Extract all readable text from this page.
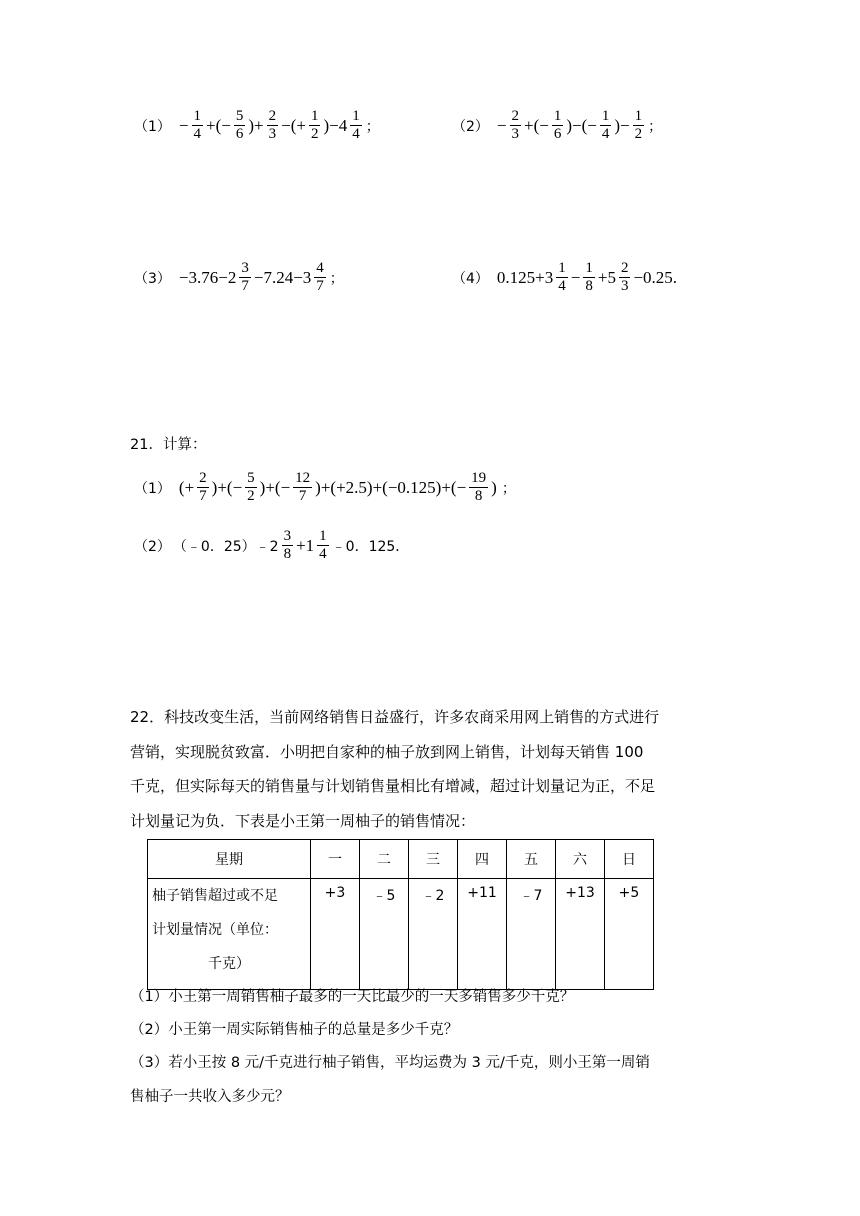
$(1) - \frac{1}{4}$ +(− $\frac{5}{6}$ )+ $\frac{2}{3}$ −(+ $\frac{1}{2} )-4 \frac{1}{4}$ ；	$(2) - \frac{2}{3}$ +(− $\frac{1}{6}$ )−(− $\frac{1}{4}$ )− $\frac{1}{2}$ ；
$(3) -3.76-2 \frac{3}{7} -7.24-3 \frac{4}{7}$ ；	（4） $0.125+3 \frac{1}{4} - \frac{1}{8} +5 \frac{2}{3} -0.25$.
21．计算：
（1） (+ $\frac{2}{7}$ )+(− $\frac{5}{2}$ )+(− $\frac{12}{7} )+(+2.5)+(-0.125)+(- \frac{19}{8}$ ) ；
（2） （﹣0．25）﹣2 $\frac{3}{8} +1 \frac{1}{4}$ ﹣0．125．
22．科技改变生活，当前网络销售日益盛行，许多农商采用网上销售的方式进行
营销，实现脱贫致富．小明把自家种的柚子放到网上销售，计划每天销售 100
千克，但实际每天的销售量与计划销售量相比有增减，超过计划量记为正，不足
计划量记为负．下表是小王第一周柚子的销售情况：
星期	一	二	三	四	五	六	日

柚子销售超过或不足
计划量情况（单位：
千克）	+3	﹣5	﹣2	+11	﹣7	+13	+5
（1）小王第一周销售柚子最多的一天比最少的一天多销售多少千克？
（2）小王第一周实际销售柚子的总量是多少千克？
（3）若小王按 8 元/千克进行柚子销售，平均运费为 3 元/千克，则小王第一周销
售柚子一共收入多少元？
